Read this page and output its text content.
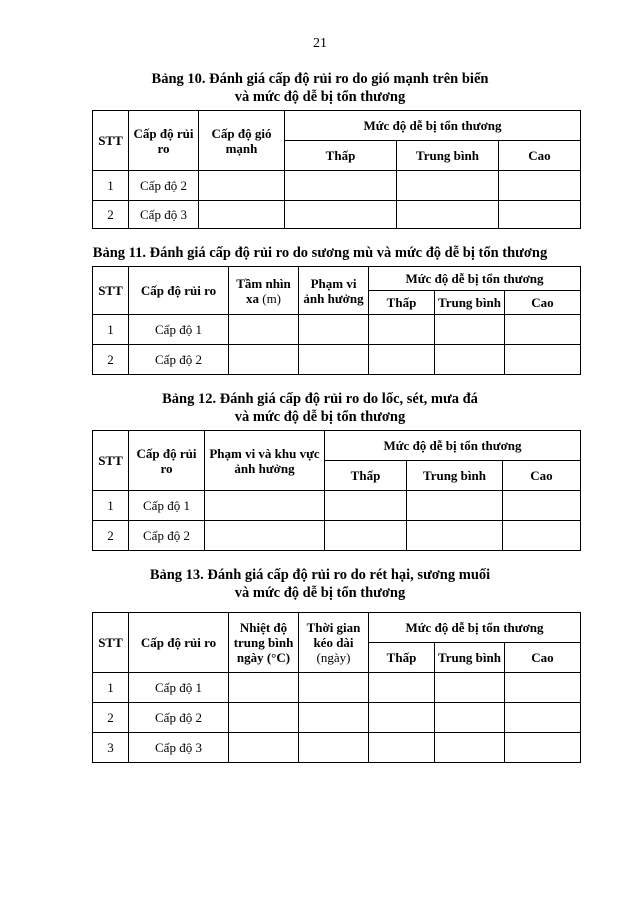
21
Bảng 10. Đánh giá cấp độ rủi ro do gió mạnh trên biển
và mức độ dễ bị tổn thương
STT	Cấp độ rủi ro	Cấp độ gió mạnh	Mức độ dễ bị tổn thương		
			Thấp	Trung bình	Cao
1	Cấp độ 2				
2	Cấp độ 3				
Bảng 11. Đánh giá cấp độ rủi ro do sương mù và mức độ dễ bị tổn thương
STT	Cấp độ rủi ro	Tầm nhìn xa (m)	Phạm vi ảnh hưởng	Mức độ dễ bị tổn thương		
				Thấp	Trung bình	Cao
1	Cấp độ 1					
2	Cấp độ 2					
Bảng 12. Đánh giá cấp độ rủi ro do lốc, sét, mưa đá
và mức độ dễ bị tổn thương
STT	Cấp độ rủi ro	Phạm vi và khu vực ảnh hưởng	Mức độ dễ bị tổn thương		
			Thấp	Trung bình	Cao
1	Cấp độ 1				
2	Cấp độ 2				
Bảng 13. Đánh giá cấp độ rủi ro do rét hại, sương muối
và mức độ dễ bị tổn thương
STT	Cấp độ rủi ro	Nhiệt độ trung bình ngày (°C)	Thời gian kéo dài (ngày)	Mức độ dễ bị tổn thương		
				Thấp	Trung bình	Cao
1	Cấp độ 1					
2	Cấp độ 2					
3	Cấp độ 3					
